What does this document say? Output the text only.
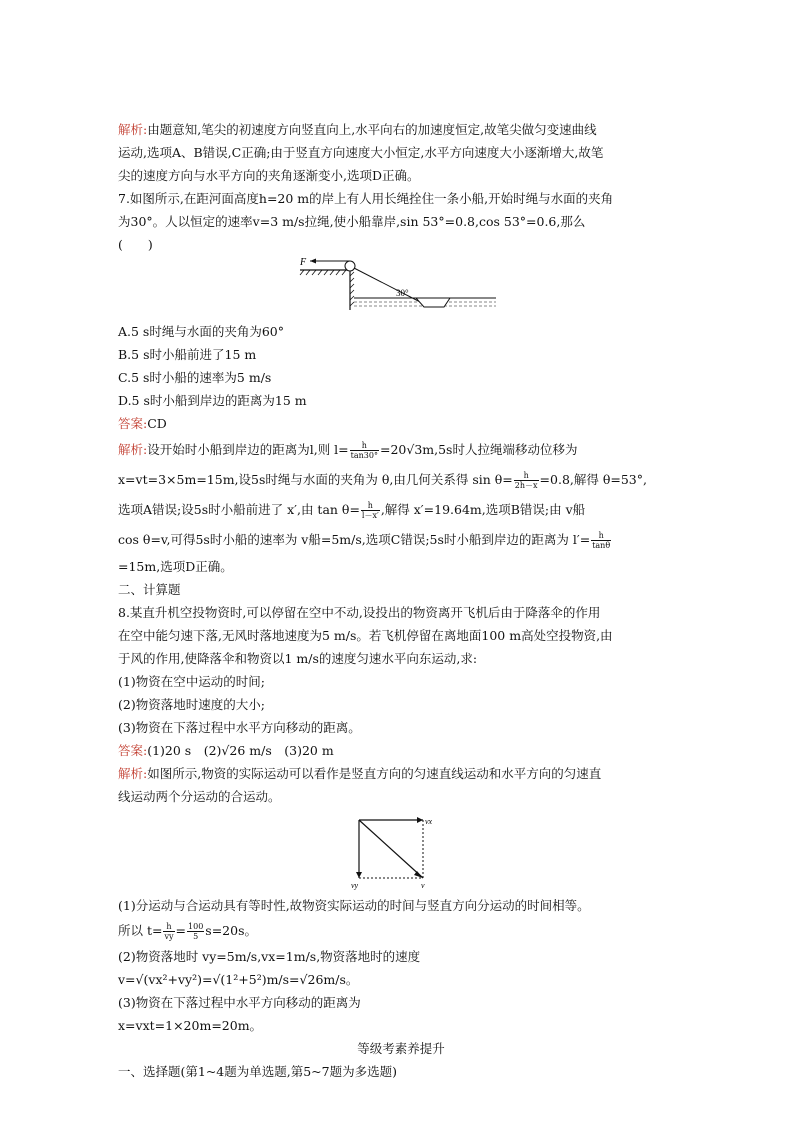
解析:由题意知,笔尖的初速度方向竖直向上,水平向右的加速度恒定,故笔尖做匀变速曲线
运动,选项A、B错误,C正确;由于竖直方向速度大小恒定,水平方向速度大小逐渐增大,故笔
尖的速度方向与水平方向的夹角逐渐变小,选项D正确。
7.如图所示,在距河面高度h=20 m的岸上有人用长绳拴住一条小船,开始时绳与水面的夹角
为30°。人以恒定的速率v=3 m/s拉绳,使小船靠岸,sin 53°=0.8,cos 53°=0.6,那么
(　　)
F
30°
A.5 s时绳与水面的夹角为60°
B.5 s时小船前进了15 m
C.5 s时小船的速率为5 m/s
D.5 s时小船到岸边的距离为15 m
答案:CD
解析:设开始时小船到岸边的距离为l,则 $l= \frac{h}{\tan 30^\circ} =20√3m,5s$时人拉绳端移动位移为
x=vt=3×5m=15m,设5s时绳与水面的夹角为 θ,由几何关系得 $\sin \theta= \frac{h}{2h-x} =0.8$,解得 θ=53°,
选项A错误;设5s时小船前进了 x′,由 $\tan \theta= \frac{h}{l-x'}$ ,解得 x′=19.64m,选项B错误;由 v船
cos θ=v,可得5s时小船的速率为 v船=5m/s,选项C错误;5s时小船到岸边的距离为 $l'= \frac{h}{\tan\theta}$
=15m,选项D正确。
二、计算题
8.某直升机空投物资时,可以停留在空中不动,设投出的物资离开飞机后由于降落伞的作用
在空中能匀速下落,无风时落地速度为5 m/s。若飞机停留在离地面100 m高处空投物资,由
于风的作用,使降落伞和物资以1 m/s的速度匀速水平向东运动,求:
(1)物资在空中运动的时间;
(2)物资落地时速度的大小;
(3)物资在下落过程中水平方向移动的距离。
答案:(1)20 s　(2)√26 m/s　(3)20 m
解析:如图所示,物资的实际运动可以看作是竖直方向的匀速直线运动和水平方向的匀速直
线运动两个分运动的合运动。
vx
vy	v
(1)分运动与合运动具有等时性,故物资实际运动的时间与竖直方向分运动的时间相等。
所以 $t= \frac{h}{vy} = \frac{100}{5} s=20s$。
(2)物资落地时 vy=5m/s,vx=1m/s,物资落地时的速度
v=√(vx²+vy²)=√(1²+5²)m/s=√26m/s。
(3)物资在下落过程中水平方向移动的距离为
x=vxt=1×20m=20m。
等级考素养提升
一、选择题(第1~4题为单选题,第5~7题为多选题)
